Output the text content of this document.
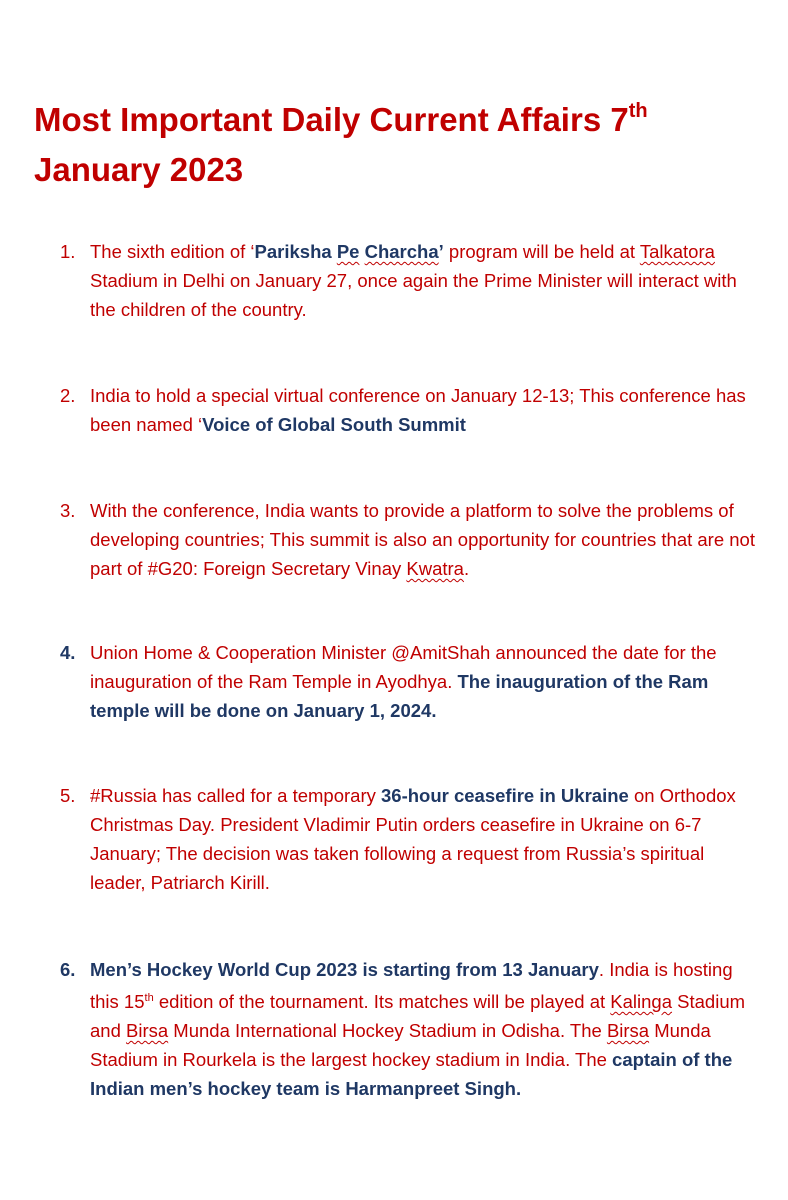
Most Important Daily Current Affairs 7th
January 2023
1. The sixth edition of ‘Pariksha Pe Charcha’ program will be held at Talkatora Stadium in Delhi on January 27, once again the Prime Minister will interact with the children of the country.
2. India to hold a special virtual conference on January 12-13; This conference has been named ‘Voice of Global South Summit
3. With the conference, India wants to provide a platform to solve the problems of developing countries; This summit is also an opportunity for countries that are not part of #G20: Foreign Secretary Vinay Kwatra.
4. Union Home & Cooperation Minister @AmitShah announced the date for the inauguration of the Ram Temple in Ayodhya. The inauguration of the Ram temple will be done on January 1, 2024.
5. #Russia has called for a temporary 36-hour ceasefire in Ukraine on Orthodox Christmas Day. President Vladimir Putin orders ceasefire in Ukraine on 6-7 January; The decision was taken following a request from Russia’s spiritual leader, Patriarch Kirill.
6. Men’s Hockey World Cup 2023 is starting from 13 January. India is hosting this 15th edition of the tournament. Its matches will be played at Kalinga Stadium and Birsa Munda International Hockey Stadium in Odisha. The Birsa Munda Stadium in Rourkela is the largest hockey stadium in India. The captain of the Indian men’s hockey team is Harmanpreet Singh.
